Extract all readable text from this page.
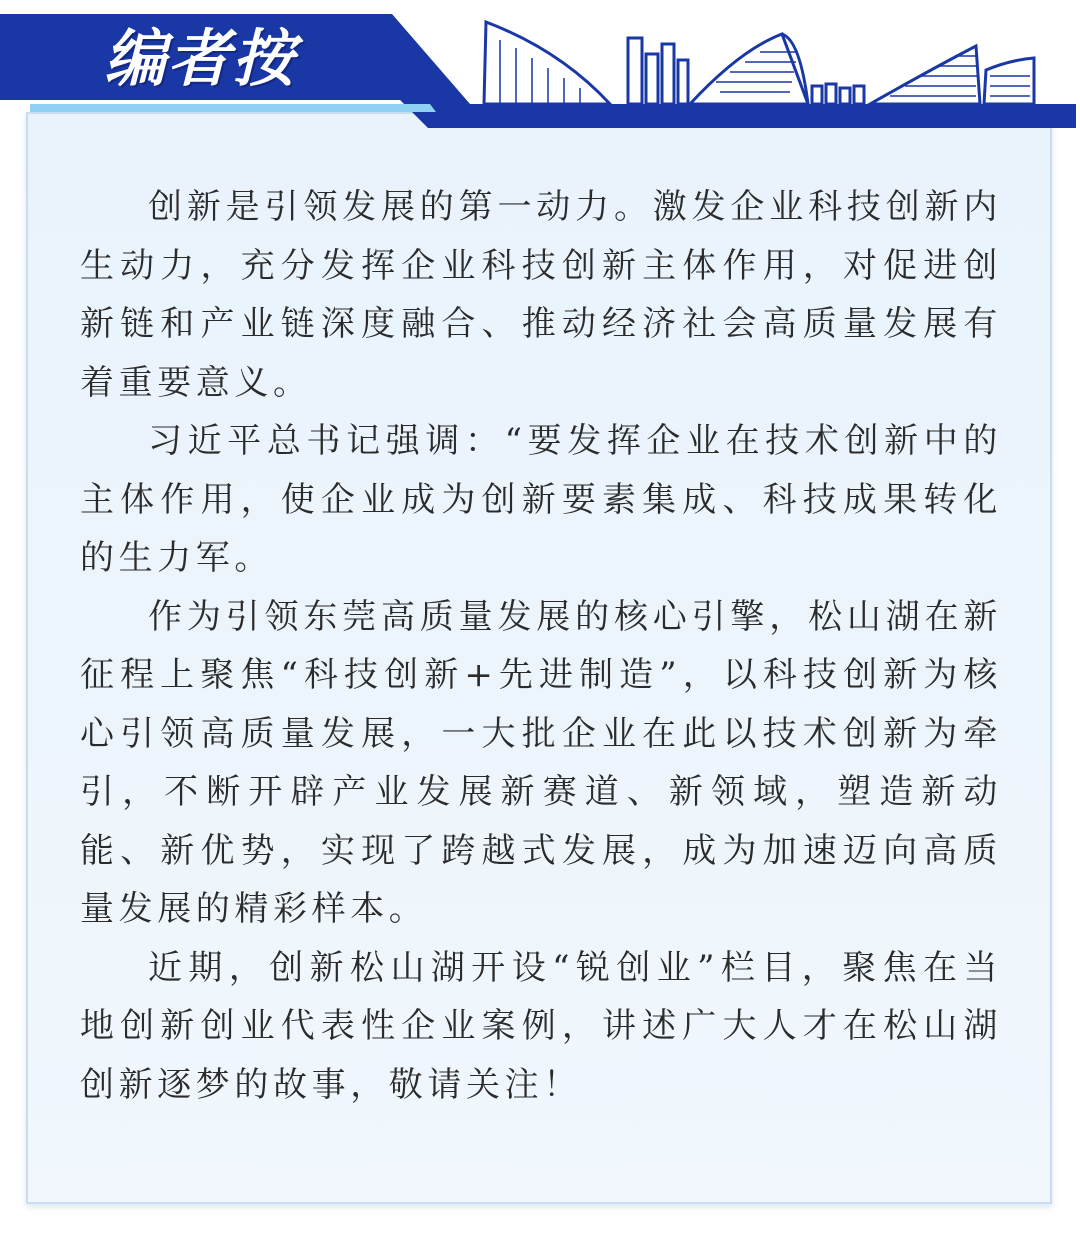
编者按

创新是引领发展的第一动力。激发企业科技创新内生动力，充分发挥企业科技创新主体作用，对促进创新链和产业链深度融合、推动经济社会高质量发展有着重要意义。

习近平总书记强调：“要发挥企业在技术创新中的主体作用，使企业成为创新要素集成、科技成果转化的生力军。

作为引领东莞高质量发展的核心引擎，松山湖在新征程上聚焦“科技创新+先进制造”，以科技创新为核心引领高质量发展，一大批企业在此以技术创新为牵引，不断开辟产业发展新赛道、新领域，塑造新动能、新优势，实现了跨越式发展，成为加速迈向高质量发展的精彩样本。

近期，创新松山湖开设“锐创业”栏目，聚焦在当地创新创业代表性企业案例，讲述广大人才在松山湖创新逐梦的故事，敬请关注！
